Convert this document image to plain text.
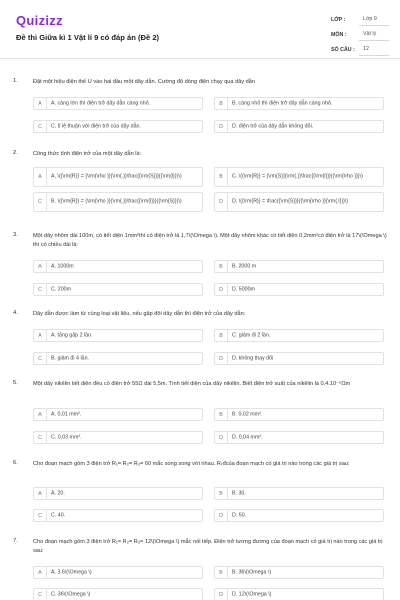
Quizizz
Đề thi Giữa kì 1 Vật lí 9 có đáp án (Đề 2)
LỚP :	Lớp 9
MÔN :	Vật lý
SỐ CÂU :	12
1.	Đặt một hiệu điện thế U vào hai đầu một dây dẫn. Cường độ dòng điện chạy qua dây dẫn
A	A. càng lớn thì điện trở dây dẫn càng nhỏ.	B	B. càng nhỏ thì điện trở dây dẫn càng nhỏ.
C	C. tỉ lệ thuận với điện trở của dây dẫn.	D	D. điện trở của dây dẫn không đổi.
2.	Công thức tính điện trở của một dây dẫn là:
A	A. \({\rm{R}} = {\rm{\rho }}{\rm{.}}\frac{{\rm{S}}}{{\rm{l}}}\)	B	C. \({\rm{R}} = {\rm{S}}{\rm{.}}\frac{{\rm{l}}}{{\rm{\rho }}}\)
C	B. \({\rm{R}} = {\rm{\rho }}{\rm{.}}\frac{{\rm{l}}}{{\rm{S}}}\)	D	D. \({\rm{R}} = \frac{{\rm{S}}}{{\rm{\rho }}{\rm{.l}}}\)
3.	Một dây nhôm dài 100m, có tiết diện 1mm²thì có điện trở là 1,7\(\Omega \). Một dây nhôm khác có tiết diện 0,2mm²có điện trở là 17\(\Omega \) thì có chiều dài là:
A	A. 1000m	B	B. 2000 m
C	C. 200m	D	D. 5000m
4.	Dây dẫn được làm từ cùng loại vật liệu, nếu gập đôi dây dẫn thì điện trở của dây dẫn:
A	A. tăng gấp 2 lần.	B	C. giảm đi 2 lần.
C	B. giảm đi 4 lần.	D	D. không thay đổi
5.	Một dây nikêlin tiết diện đều có điện trở 55Ω dài 5,5m. Tính tiết diện của dây nikêlin. Biết điện trở suất của nikêlin là 0,4.10⁻⁶Ωm
A	A. 0,01 mm².	B	B. 0,02 mm².
C	C. 0,03 mm².	D	D. 0,04 mm².
6.	Cho đoạn mạch gồm 3 điện trở R₁= R₂= R₃= 60 mắc song song với nhau. Rₜđcủa đoạn mạch có giá trị nào trong các giá trị sau:
A	A. 20.	B	B. 30.
C	C. 40.	D	D. 50.
7.	Cho đoạn mạch gồm 3 điện trở R₁= R₂= R₃= 12\(\Omega \) mắc nối tiếp. Điện trở tương đương của đoạn mạch có giá trị nào trong các giá trị sau:
A	A. 3.6\(\Omega \)	B	B. 36\(\Omega \)
C	C. 36\(\Omega \)	D	D. 12\(\Omega \)
